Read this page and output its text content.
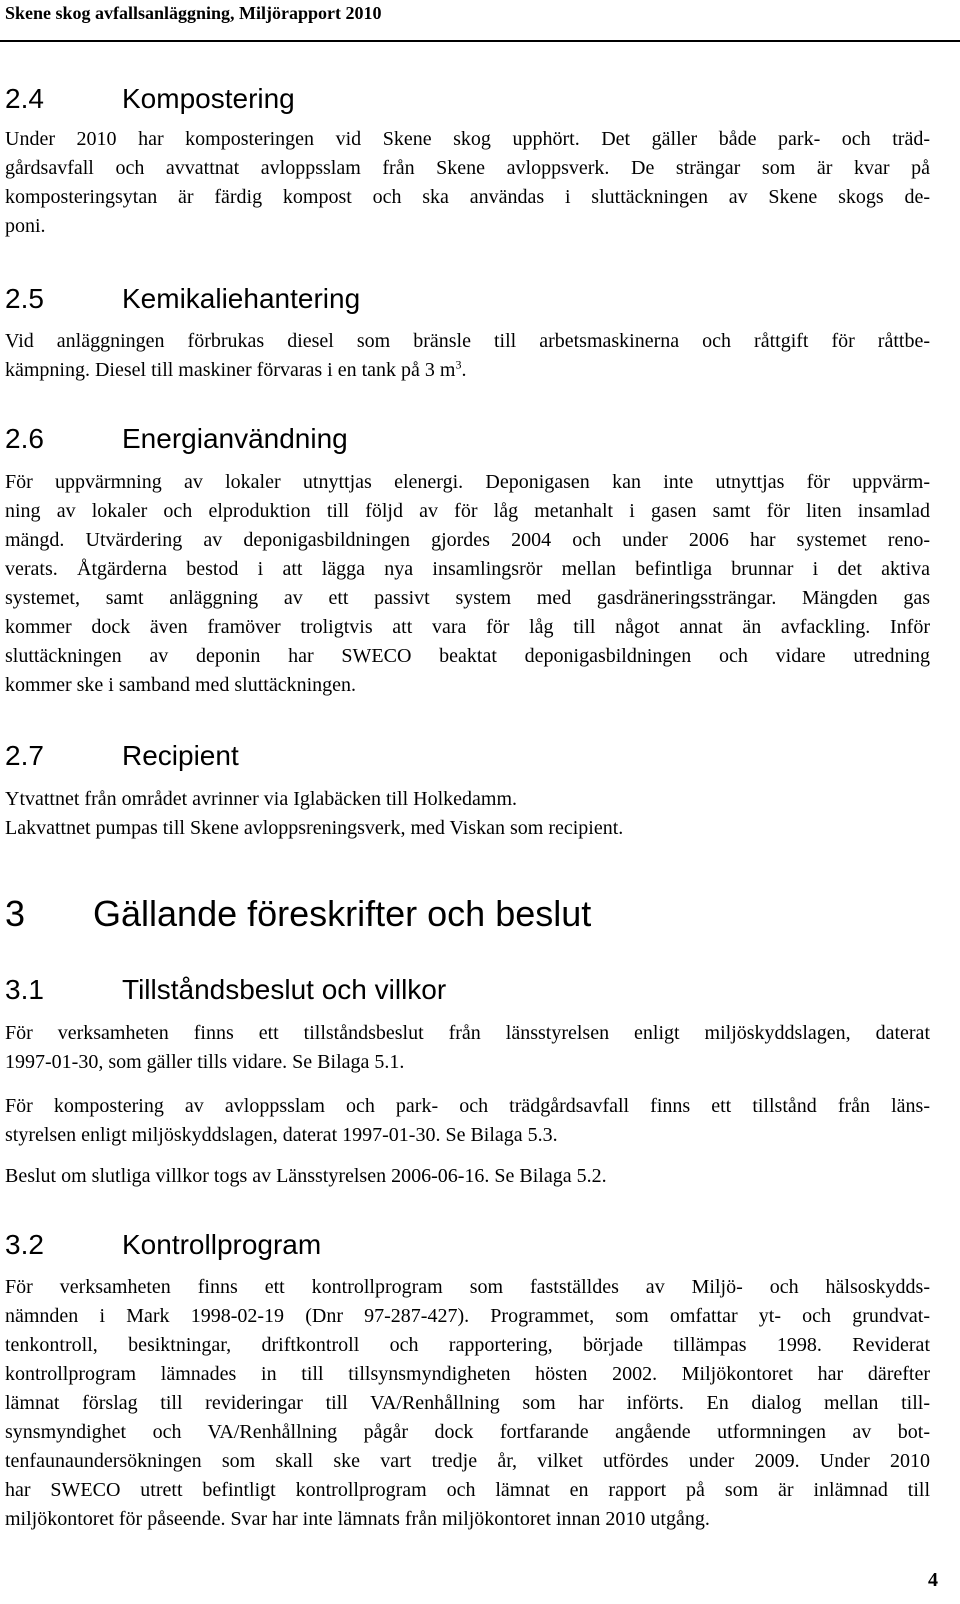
Skene skog avfallsanläggning, Miljörapport 2010
2.4	Kompostering
Under 2010 har komposteringen vid Skene skog upphört. Det gäller både park- och träd-
gårdsavfall och avvattnat avloppsslam från Skene avloppsverk. De strängar som är kvar på
komposteringsytan är färdig kompost och ska användas i sluttäckningen av Skene skogs de-
poni.
2.5	Kemikaliehantering
Vid anläggningen förbrukas diesel som bränsle till arbetsmaskinerna och råttgift för råttbe-
kämpning. Diesel till maskiner förvaras i en tank på 3 $m^3$.
2.6	Energianvändning
För uppvärmning av lokaler utnyttjas elenergi. Deponigasen kan inte utnyttjas för uppvärm-
ning av lokaler och elproduktion till följd av för låg metanhalt i gasen samt för liten insamlad
mängd. Utvärdering av deponigasbildningen gjordes 2004 och under 2006 har systemet reno-
verats. Åtgärderna bestod i att lägga nya insamlingsrör mellan befintliga brunnar i det aktiva
systemet, samt anläggning av ett passivt system med gasdräneringssträngar. Mängden gas
kommer dock även framöver troligtvis att vara för låg till något annat än avfackling. Inför
sluttäckningen av deponin har SWECO beaktat deponigasbildningen och vidare utredning
kommer ske i samband med sluttäckningen.
2.7	Recipient
Ytvattnet från området avrinner via Iglabäcken till Holkedamm.
Lakvattnet pumpas till Skene avloppsreningsverk, med Viskan som recipient.
3 Gällande föreskrifter och beslut
3.1	Tillståndsbeslut och villkor
För verksamheten finns ett tillståndsbeslut från länsstyrelsen enligt miljöskyddslagen, daterat
1997-01-30, som gäller tills vidare. Se Bilaga 5.1.
För kompostering av avloppsslam och park- och trädgårdsavfall finns ett tillstånd från läns-
styrelsen enligt miljöskyddslagen, daterat 1997-01-30. Se Bilaga 5.3.
Beslut om slutliga villkor togs av Länsstyrelsen 2006-06-16. Se Bilaga 5.2.
3.2	Kontrollprogram
För verksamheten finns ett kontrollprogram som fastställdes av Miljö- och hälsoskydds-
nämnden i Mark 1998-02-19 (Dnr 97-287-427). Programmet, som omfattar yt- och grundvat-
tenkontroll, besiktningar, driftkontroll och rapportering, började tillämpas 1998. Reviderat
kontrollprogram lämnades in till tillsynsmyndigheten hösten 2002. Miljökontoret har därefter
lämnat förslag till revideringar till VA/Renhållning som har införts. En dialog mellan till-
synsmyndighet och VA/Renhållning pågår dock fortfarande angående utformningen av bot-
tenfaunaundersökningen som skall ske vart tredje år, vilket utfördes under 2009. Under 2010
har SWECO utrett befintligt kontrollprogram och lämnat en rapport på som är inlämnad till
miljökontoret för påseende. Svar har inte lämnats från miljökontoret innan 2010 utgång.
4
